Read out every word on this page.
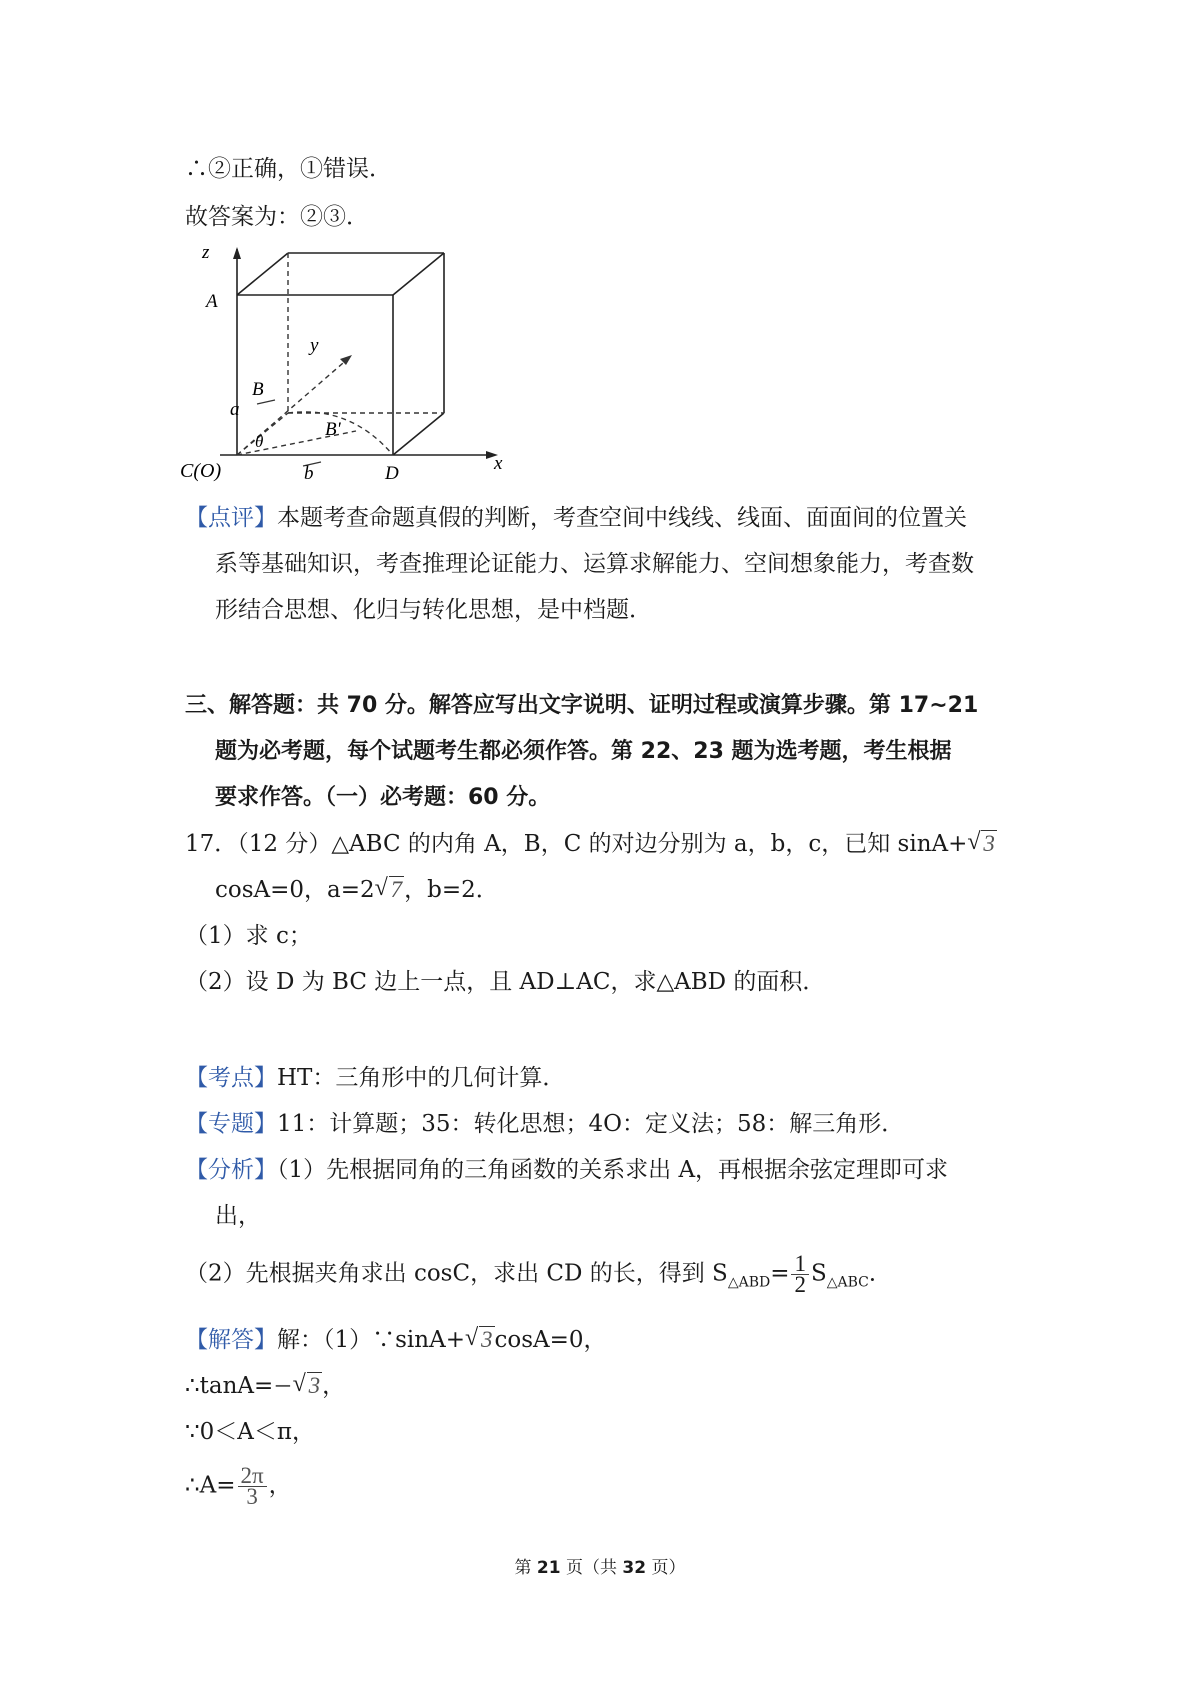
∴②正确，①错误．
故答案为：②③．
z
A
B
y
a
B'
θ
C(O)	b	D	x
【点评】本题考查命题真假的判断，考查空间中线线、线面、面面间的位置关
系等基础知识，考查推理论证能力、运算求解能力、空间想象能力，考查数
形结合思想、化归与转化思想，是中档题．
三、解答题：共 70 分。解答应写出文字说明、证明过程或演算步骤。第 17~21
题为必考题，每个试题考生都必须作答。第 22、23 题为选考题，考生根据
要求作答。（一）必考题：60 分。
17．（12 分）△ABC 的内角 A，B，C 的对边分别为 a，b，c，已知 sinA+ √ 3
cosA=0，a=2 √ 7，b=2．
（1）求 c；
（2）设 D 为 BC 边上一点，且 AD⊥AC，求△ABD 的面积．
【考点】HT：三角形中的几何计算．
【专题】11：计算题；35：转化思想；4O：定义法；58：解三角形．
【分析】（1）先根据同角的三角函数的关系求出 A，再根据余弦定理即可求
出，
（2）先根据夹角求出 cosC，求出 CD 的长，得到 $S_{\triangle ABD}= \frac{1}{2} S_{\triangle ABC}$．
【解答】解：（1）∵sinA+ √ 3cosA=0，
∴tanA=− √ 3，
∵0＜A＜π，
∴A= $\frac{2\pi}{3}$ ，
第 21 页（共 32 页）
